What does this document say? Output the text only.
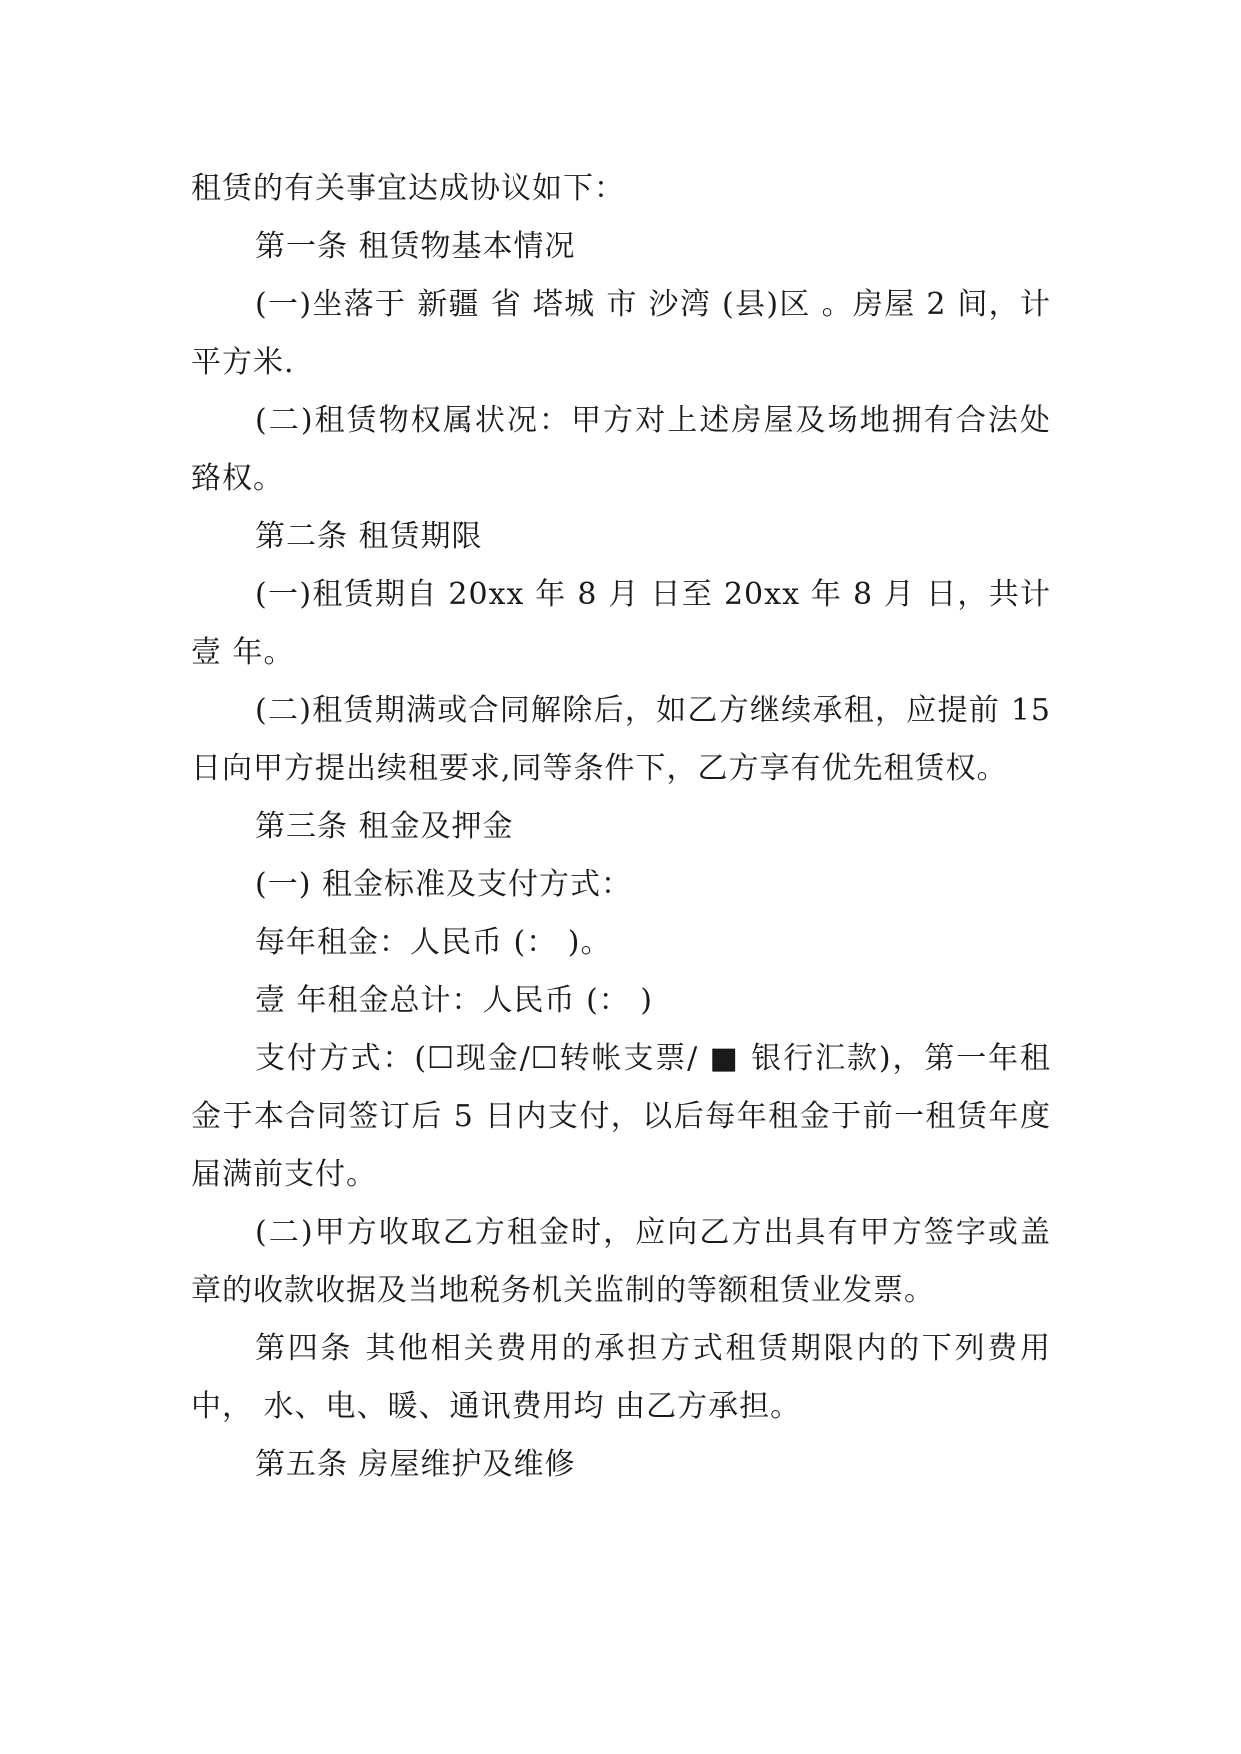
租赁的有关事宜达成协议如下：

第一条 租赁物基本情况

(一)坐落于 新疆 省 塔城 市 沙湾 (县)区 。房屋 2 间，计 平方米.

(二)租赁物权属状况：甲方对上述房屋及场地拥有合法处臵权。

第二条 租赁期限

(一)租赁期自 20xx 年 8 月 日至 20xx 年 8 月 日，共计 壹 年。

(二)租赁期满或合同解除后，如乙方继续承租，应提前 15 日向甲方提出续租要求,同等条件下，乙方享有优先租赁权。

第三条 租金及押金

(一) 租金标准及支付方式：

每年租金：人民币 (： )。

壹 年租金总计：人民币 (： )

支付方式：(☐现金/☐转帐支票/ ■ 银行汇款)，第一年租金于本合同签订后 5 日内支付，以后每年租金于前一租赁年度届满前支付。

(二)甲方收取乙方租金时，应向乙方出具有甲方签字或盖章的收款收据及当地税务机关监制的等额租赁业发票。

第四条 其他相关费用的承担方式租赁期限内的下列费用中， 水、电、暖、通讯费用均 由乙方承担。

第五条 房屋维护及维修
